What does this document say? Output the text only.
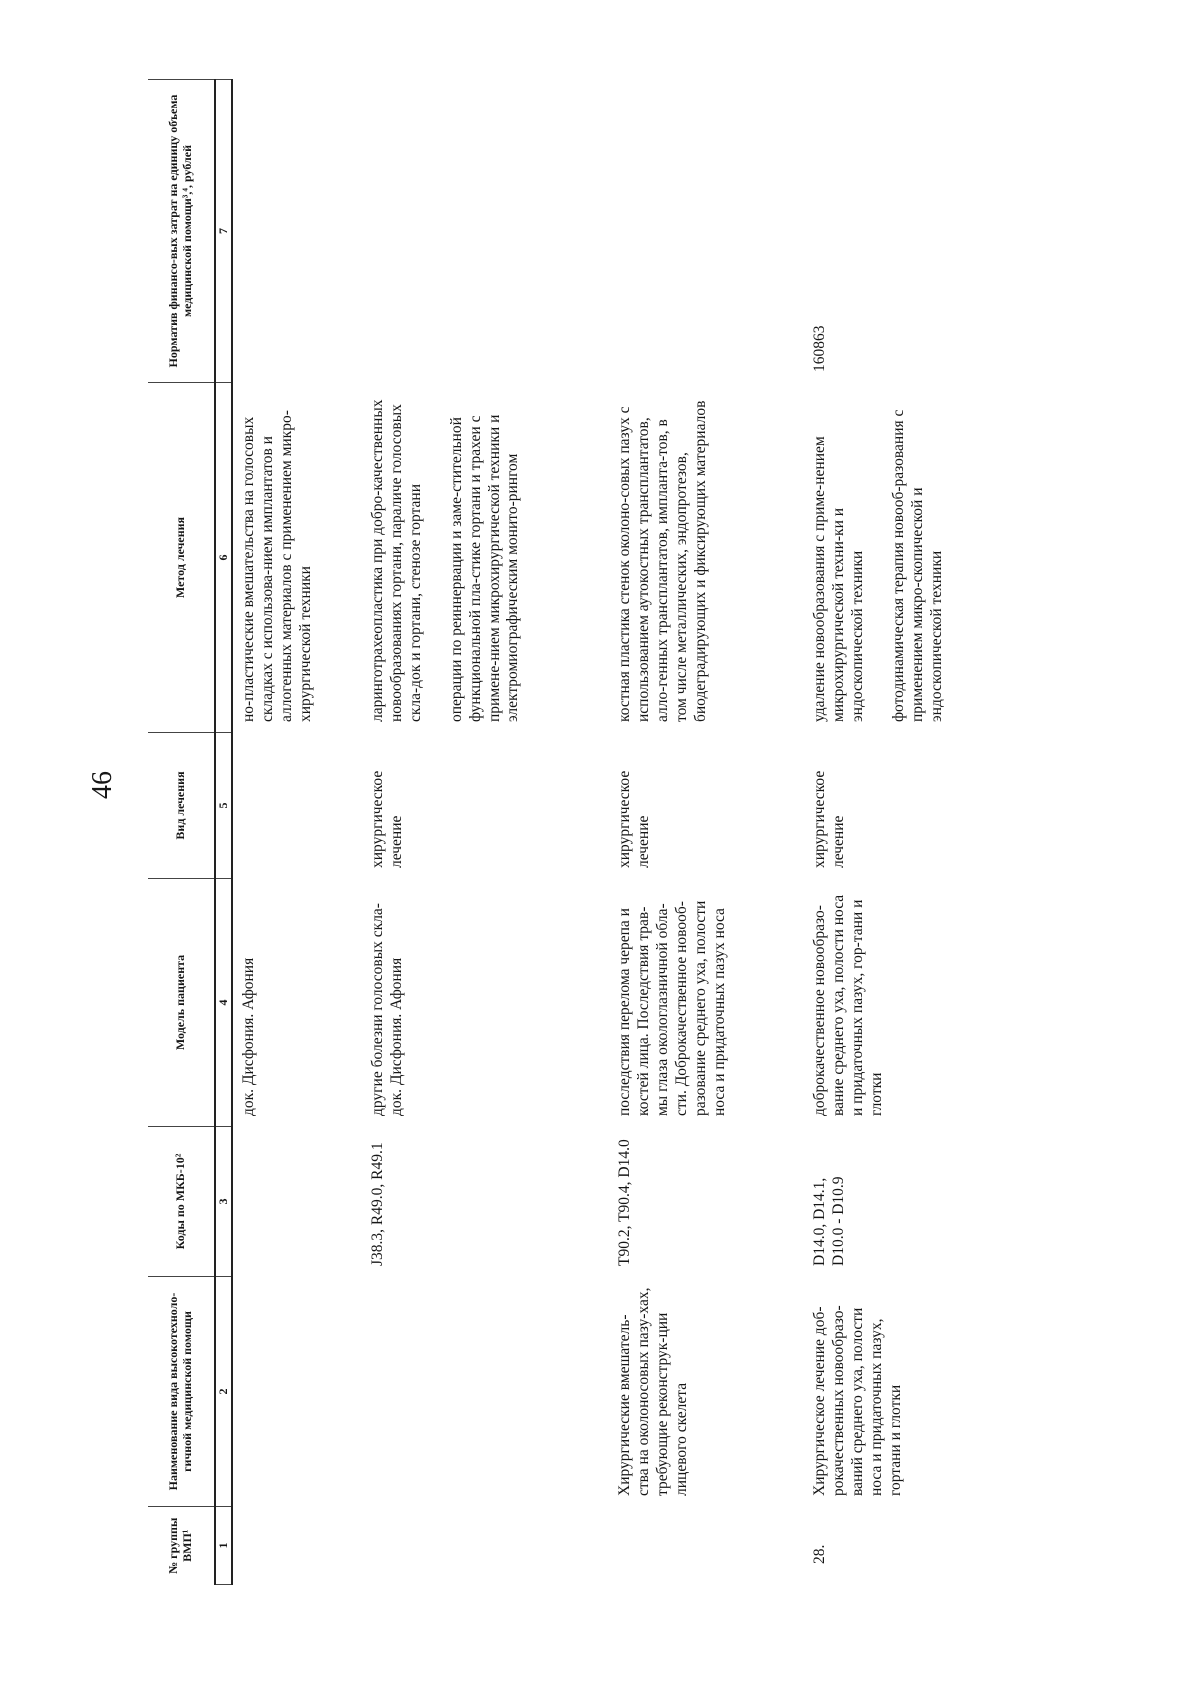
46
№ группы ВМП¹	Наименование вида высокотехноло-гичной медицинской помощи	Коды по МКБ-10²	Модель пациента	Вид лечения	Метод лечения	Норматив финансо-вых затрат на единицу объема медицинской помощи³,⁴, рублей
1	2	3	4	5	6	7
			док. Дисфония. Афония		но-пластические вмешательства на голосовых складках с использова-нием имплантатов и аллогенных материалов с применением микро-хирургической техники	
		J38.3, R49.0, R49.1	другие болезни голосовых скла-док. Дисфония. Афония	хирургическое лечение	ларинготрахеопластика при добро-качественных новообразованиях гортани, параличе голосовых скла-док и гортани, стенозе гортани операции по реиннервации и заме-стительной функциональной пла-стике гортани и трахеи с примене-нием микрохирургической техники и электромиографическим монито-рингом	
	Хирургические вмешатель-ства на околоносовых пазу-хах, требующие реконструк-ции лицевого скелета	T90.2, T90.4, D14.0	последствия перелома черепа и костей лица. Последствия трав-мы глаза окологлазничной обла-сти. Доброкачественное новооб-разование среднего уха, полости носа и придаточных пазух носа	хирургическое лечение	костная пластика стенок околоно-совых пазух с использованием аутокостных трансплантатов, алло-генных трансплантатов, импланта-тов, в том числе металлических, эндопротезов, биодеградирующих и фиксирующих материалов	
28.	Хирургическое лечение доб-рокачественных новообразо-ваний среднего уха, полости носа и придаточных пазух, гортани и глотки	D14.0, D14.1, D10.0 - D10.9	доброкачественное новообразо-вание среднего уха, полости носа и придаточных пазух, гор-тани и глотки	хирургическое лечение	удаление новообразования с приме-нением микрохирургической техни-ки и эндоскопической техники фотодинамическая терапия новооб-разования с применением микро-скопической и эндоскопической техники	160863
